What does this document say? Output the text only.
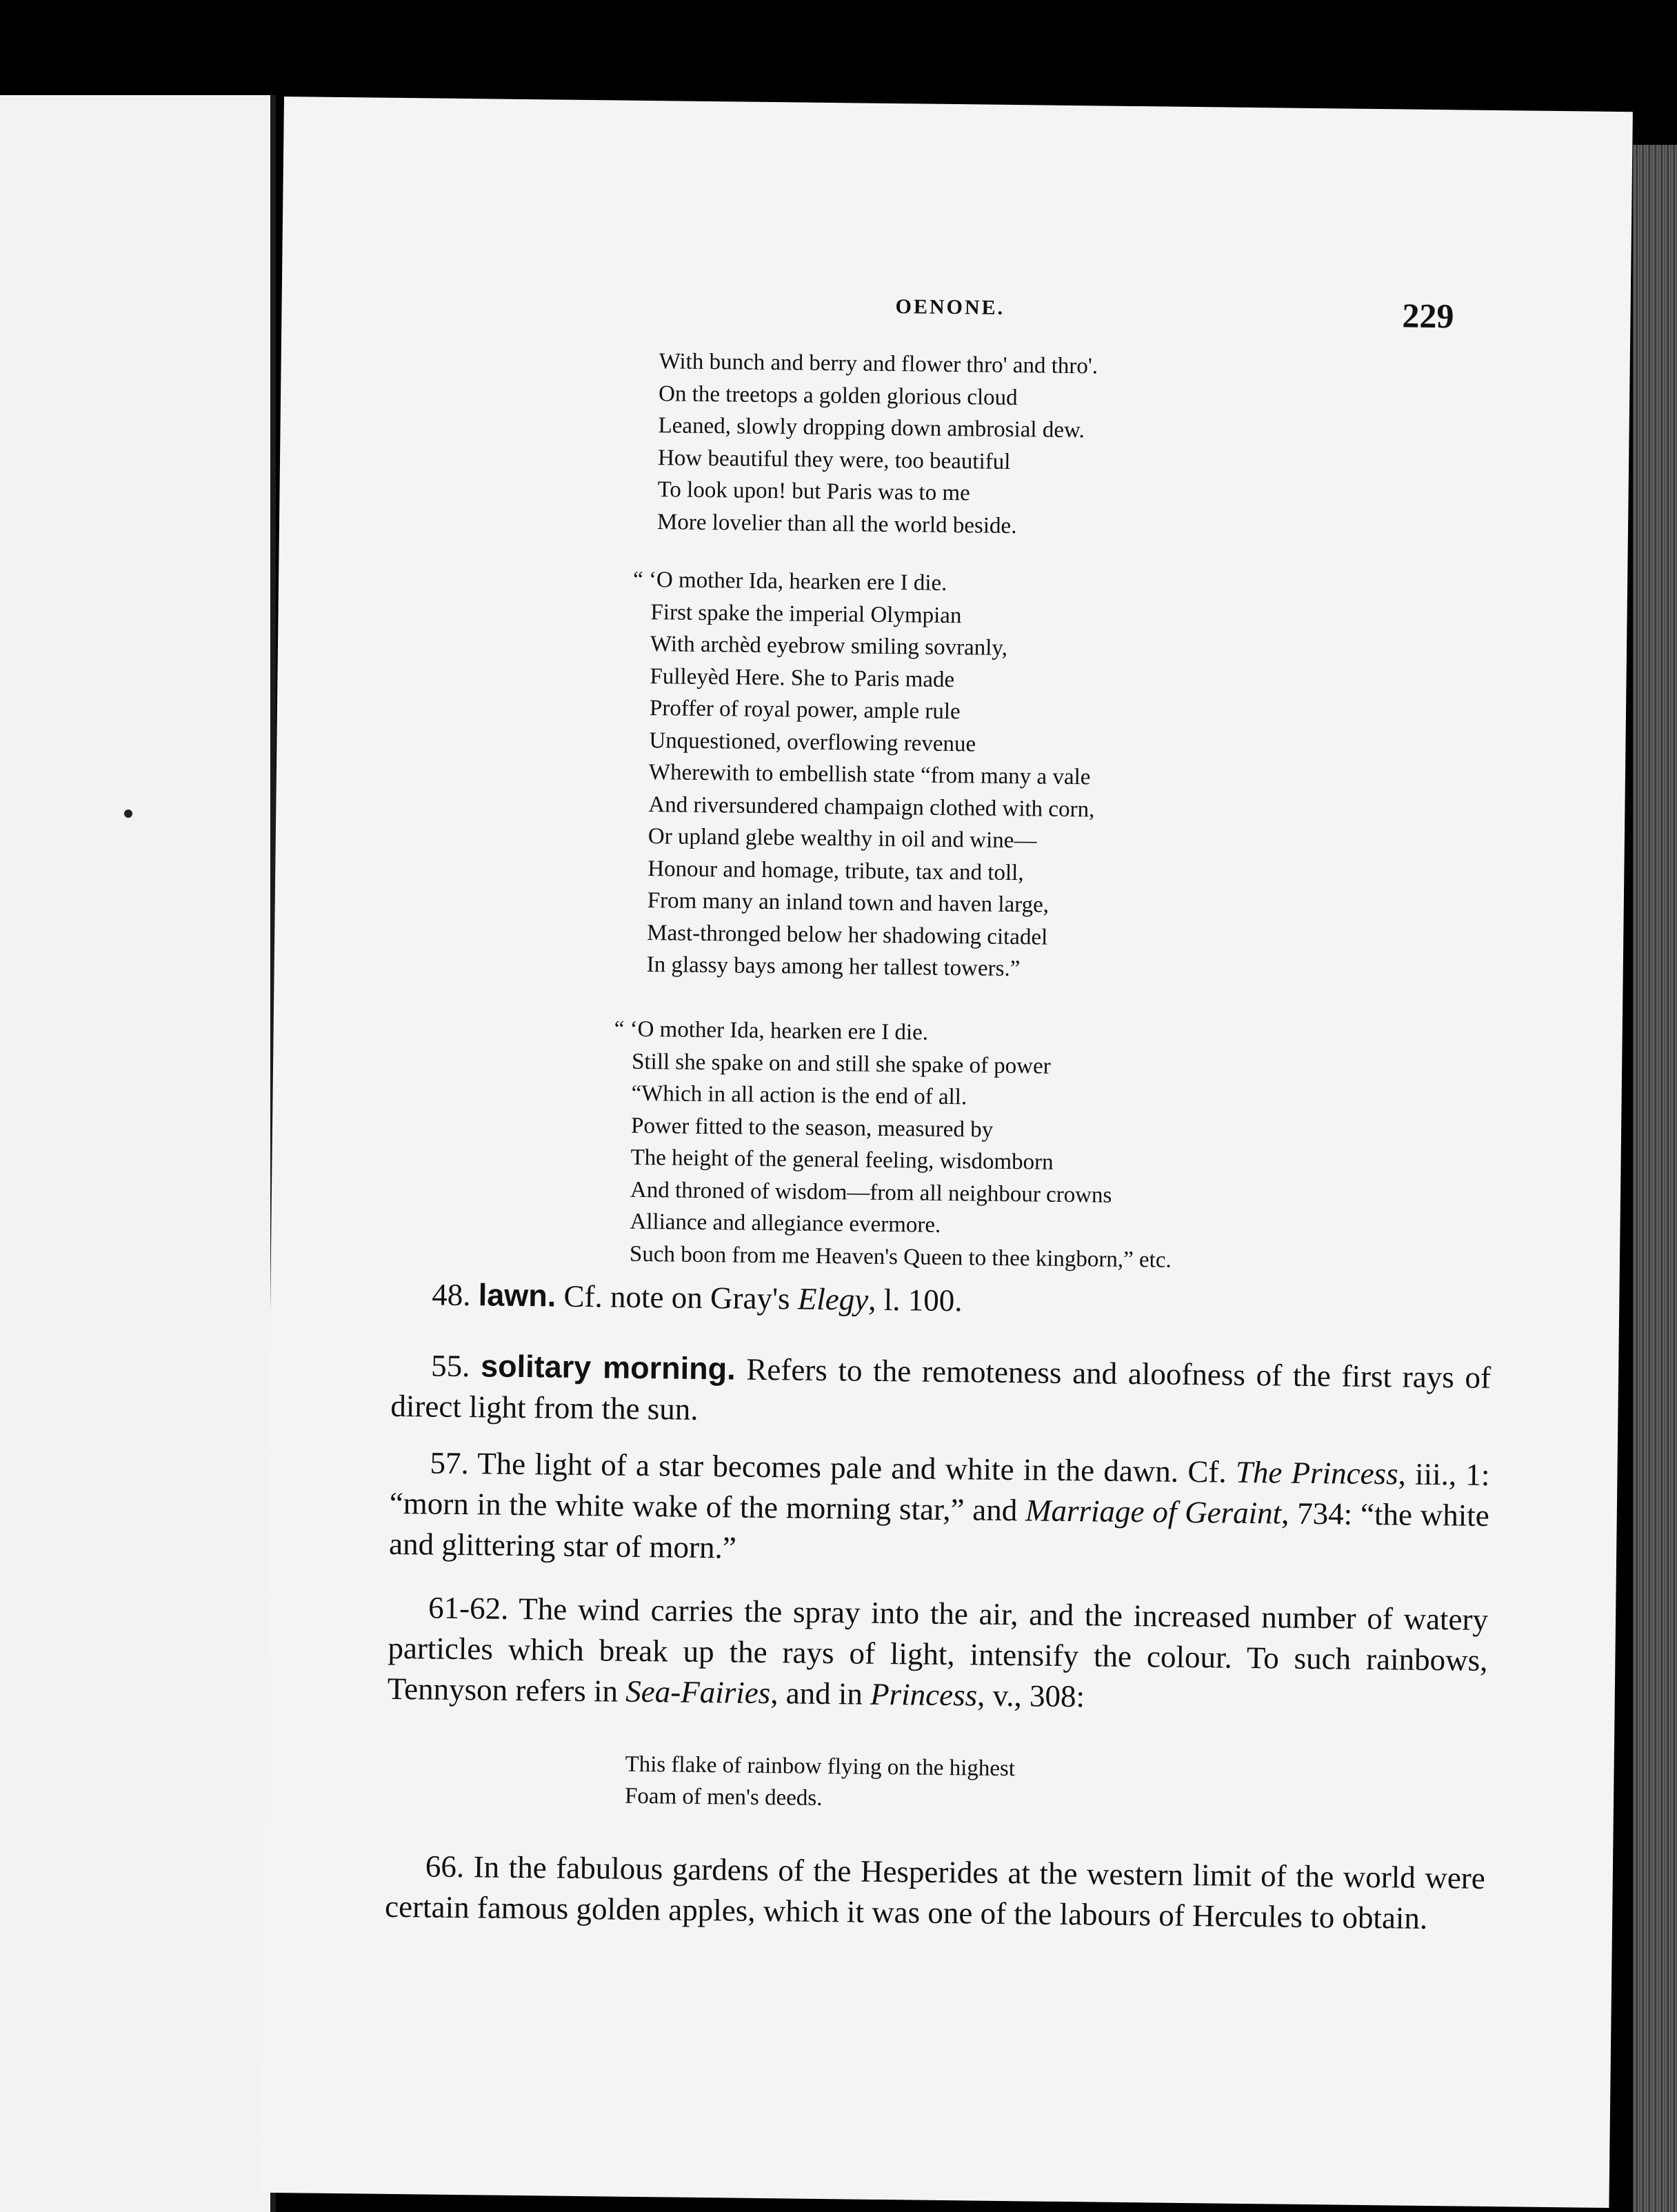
OENONE.	229
With bunch and berry and flower thro' and thro'.
On the treetops a golden glorious cloud
Leaned, slowly dropping down ambrosial dew.
How beautiful they were, too beautiful
To look upon! but Paris was to me
More lovelier than all the world beside.
“ ‘O mother Ida, hearken ere I die.
First spake the imperial Olympian
With archèd eyebrow smiling sovranly,
Fulleyèd Here. She to Paris made
Proffer of royal power, ample rule
Unquestioned, overflowing revenue
Wherewith to embellish state “from many a vale
And riversundered champaign clothed with corn,
Or upland glebe wealthy in oil and wine—
Honour and homage, tribute, tax and toll,
From many an inland town and haven large,
Mast-thronged below her shadowing citadel
In glassy bays among her tallest towers.”
“ ‘O mother Ida, hearken ere I die.
Still she spake on and still she spake of power
“Which in all action is the end of all.
Power fitted to the season, measured by
The height of the general feeling, wisdomborn
And throned of wisdom—from all neighbour crowns
Alliance and allegiance evermore.
Such boon from me Heaven's Queen to thee kingborn,” etc.
48. lawn. Cf. note on Gray's Elegy, l. 100.
55. solitary morning. Refers to the remoteness and aloofness of the first rays of direct light from the sun.
57. The light of a star becomes pale and white in the dawn. Cf. The Princess, iii., 1: “morn in the white wake of the morning star,” and Marriage of Geraint, 734: “the white and glittering star of morn.”
61-62. The wind carries the spray into the air, and the increased number of watery particles which break up the rays of light, intensify the colour. To such rainbows, Tennyson refers in Sea-Fairies, and in Princess, v., 308:
This flake of rainbow flying on the highest
Foam of men's deeds.
66. In the fabulous gardens of the Hesperides at the western limit of the world were certain famous golden apples, which it was one of the labours of Hercules to obtain.
